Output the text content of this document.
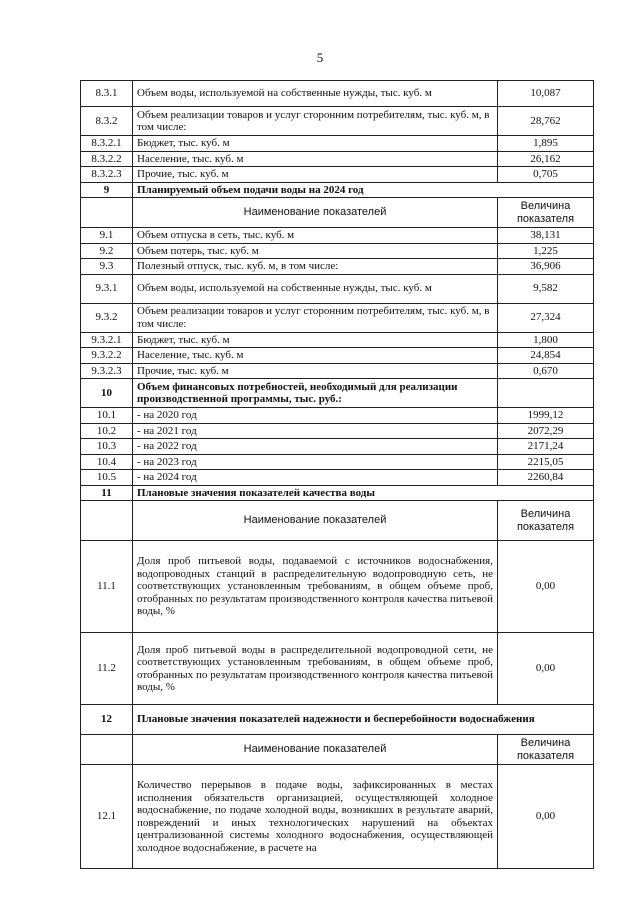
5
8.3.1	Объем воды, используемой на собственные нужды, тыс. куб. м	10,087
8.3.2	Объем реализации товаров и услуг сторонним потребителям, тыс. куб. м, в том числе:	28,762
8.3.2.1	Бюджет, тыс. куб. м	1,895
8.3.2.2	Население, тыс. куб. м	26,162
8.3.2.3	Прочие, тыс. куб. м	0,705
9	Планируемый объем подачи воды на 2024 год	
	Наименование показателей	Величина показателя
9.1	Объем отпуска в сеть, тыс. куб. м	38,131
9.2	Объем потерь, тыс. куб. м	1,225
9.3	Полезный отпуск, тыс. куб. м, в том числе:	36,906
9.3.1	Объем воды, используемой на собственные нужды, тыс. куб. м	9,582
9.3.2	Объем реализации товаров и услуг сторонним потребителям, тыс. куб. м, в том числе:	27,324
9.3.2.1	Бюджет, тыс. куб. м	1,800
9.3.2.2	Население, тыс. куб. м	24,854
9.3.2.3	Прочие, тыс. куб. м	0,670
10	Объем финансовых потребностей, необходимый для реализации производственной программы, тыс. руб.:	
10.1	- на 2020 год	1999,12
10.2	- на 2021 год	2072,29
10.3	- на 2022 год	2171,24
10.4	- на 2023 год	2215,05
10.5	- на 2024 год	2260,84
11	Плановые значения показателей качества воды	
	Наименование показателей	Величина показателя
11.1	Доля проб питьевой воды, подаваемой с источников водоснабжения, водопроводных станций в распределительную водопроводную сеть, не соответствующих установленным требованиям, в общем объеме проб, отобранных по результатам производственного контроля качества питьевой воды, %	0,00
11.2	Доля проб питьевой воды в распределительной водопроводной сети, не соответствующих установленным требованиям, в общем объеме проб, отобранных по результатам производственного контроля качества питьевой воды, %	0,00
12	Плановые значения показателей надежности и бесперебойности водоснабжения	
	Наименование показателей	Величина показателя
12.1	Количество перерывов в подаче воды, зафиксированных в местах исполнения обязательств организацией, осуществляющей холодное водоснабжение, по подаче холодной воды, возникших в результате аварий, повреждений и иных технологических нарушений на объектах централизованной системы холодного водоснабжения, осуществляющей холодное водоснабжение, в расчете на	0,00
